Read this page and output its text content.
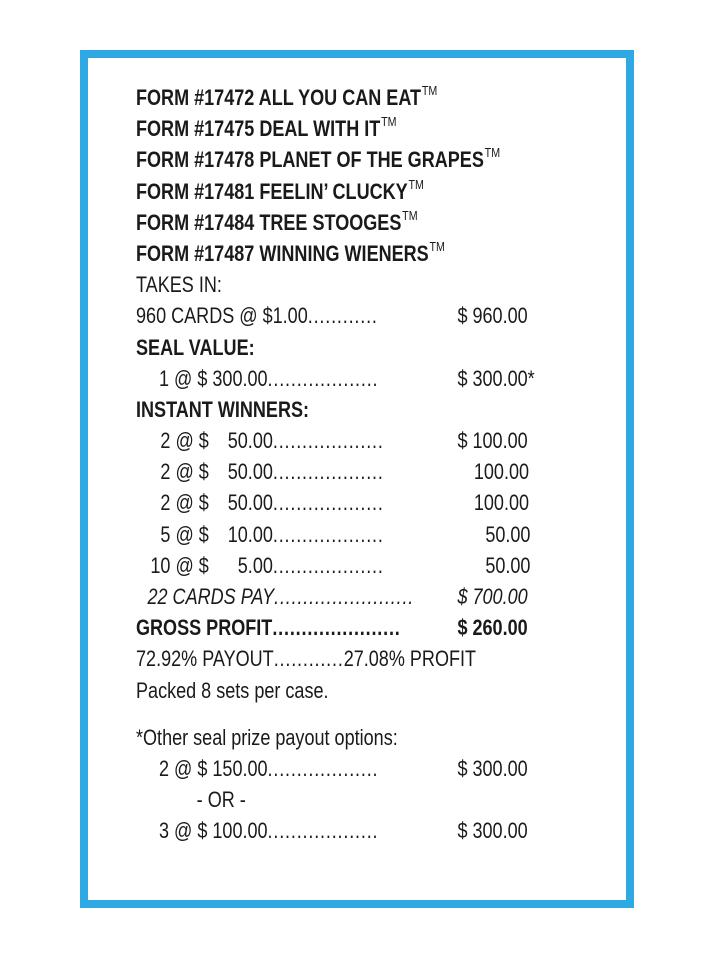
FORM #17472 ALL YOU CAN EAT™
FORM #17475 DEAL WITH IT™
FORM #17478 PLANET OF THE GRAPES™
FORM #17481 FEELIN’ CLUCKY™
FORM #17484 TREE STOOGES™
FORM #17487 WINNING WIENERS™
TAKES IN:
960 CARDS @ $1.00............	$ 960.00
SEAL VALUE:
1 @ $ 300.00...................	$ 300.00*
INSTANT WINNERS:
2 @ $ 50.00...................	$ 100.00
2 @ $ 50.00...................	100.00
2 @ $ 50.00...................	100.00
5 @ $ 10.00...................	50.00
10 @ $ 5.00...................	50.00
22 CARDS PAY........................ $ 700.00
GROSS PROFIT......................	$ 260.00
72.92% PAYOUT............27.08% PROFIT
Packed 8 sets per case.
*Other seal prize payout options:
2 @ $ 150.00...................	$ 300.00
- OR -
3 @ $ 100.00...................	$ 300.00
